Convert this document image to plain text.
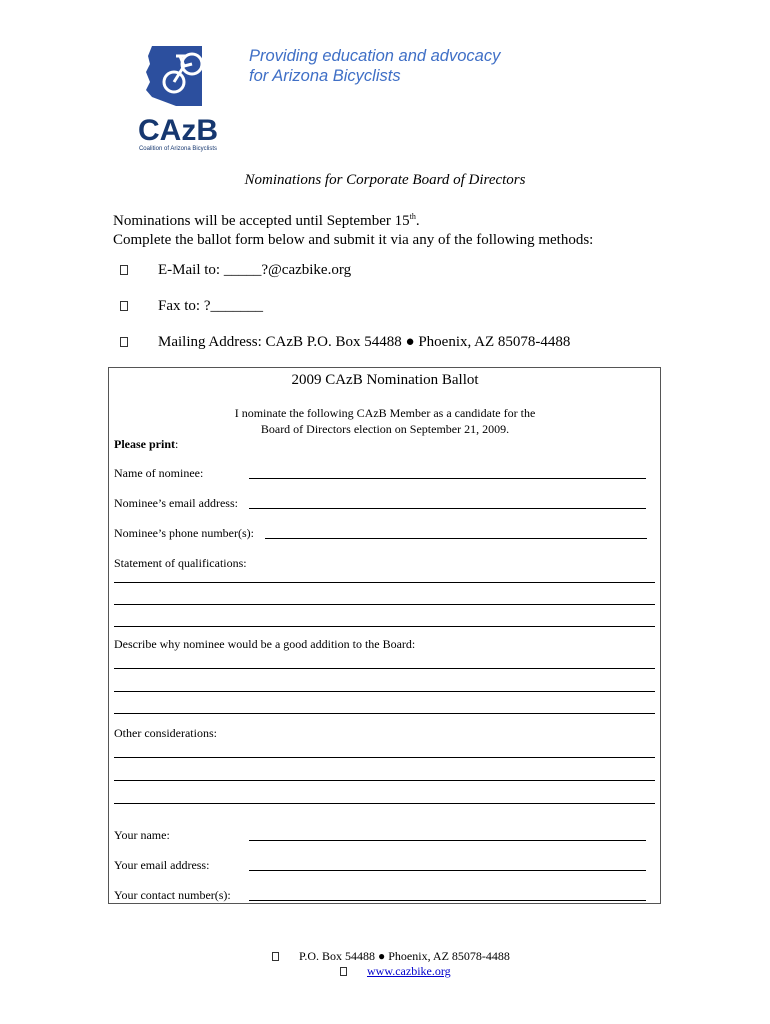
CAzB
Coalition of Arizona Bicyclists
Providing education and advocacy
for Arizona Bicyclists
Nominations for Corporate Board of Directors
Nominations will be accepted until September 15th.
Complete the ballot form below and submit it via any of the following methods:
E-Mail to: _____?@cazbike.org
Fax to: ?_______
Mailing Address: CAzB P.O. Box 54488 ● Phoenix, AZ 85078-4488
2009 CAzB Nomination Ballot
I nominate the following CAzB Member as a candidate for the
Board of Directors election on September 21, 2009.
Please print:
Name of nominee:
Nominee’s email address:
Nominee’s phone number(s):
Statement of qualifications:
Describe why nominee would be a good addition to the Board:
Other considerations:
Your name:
Your email address:
Your contact number(s):
P.O. Box 54488 ● Phoenix, AZ 85078-4488
www.cazbike.org
